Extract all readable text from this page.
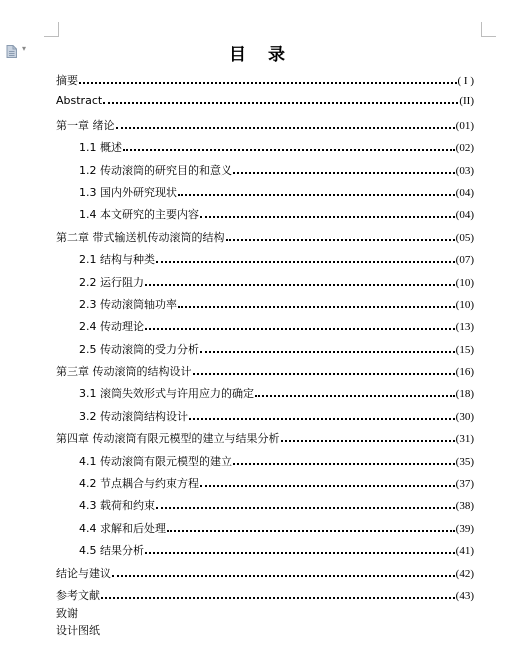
▾	目 录
摘要	( I )
Abstract	(II)
第一章 绪论	(01)
1.1 概述	(02)
1.2 传动滚筒的研究目的和意义	(03)
1.3 国内外研究现状	(04)
1.4 本文研究的主要内容	(04)
第二章 带式输送机传动滚筒的结构	(05)
2.1 结构与种类	(07)
2.2 运行阻力	(10)
2.3 传动滚筒轴功率	(10)
2.4 传动理论	(13)
2.5 传动滚筒的受力分析	(15)
第三章 传动滚筒的结构设计	(16)
3.1 滚筒失效形式与许用应力的确定	(18)
3.2 传动滚筒结构设计	(30)
第四章 传动滚筒有限元模型的建立与结果分析	(31)
4.1 传动滚筒有限元模型的建立	(35)
4.2 节点耦合与约束方程	(37)
4.3 载荷和约束	(38)
4.4 求解和后处理	(39)
4.5 结果分析	(41)
结论与建议	(42)
参考文献	(43)
致谢
设计图纸
